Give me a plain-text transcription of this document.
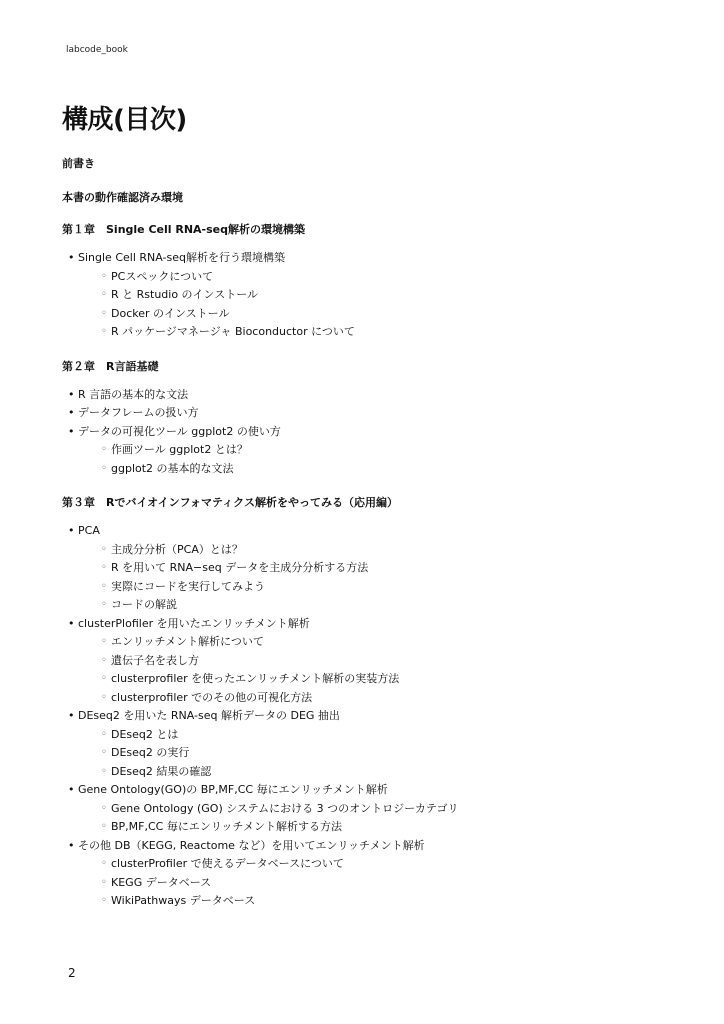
labcode_book
構成(目次)
前書き
本書の動作確認済み環境
第１章　Single Cell RNA-seq解析の環境構築
• Single Cell RNA-seq解析を行う環境構築
◦ PCスペックについて
◦ R と Rstudio のインストール
◦ Docker のインストール
◦ R パッケージマネージャ Bioconductor について
第２章　R言語基礎
• R 言語の基本的な文法
• データフレームの扱い方
• データの可視化ツール ggplot2 の使い方
◦ 作画ツール ggplot2 とは？
◦ ggplot2 の基本的な文法
第３章　Rでバイオインフォマティクス解析をやってみる（応用編）
• PCA
◦ 主成分分析（PCA）とは？
◦ R を用いて RNA−seq データを主成分分析する方法
◦ 実際にコードを実行してみよう
◦ コードの解説
• clusterPlofiler を用いたエンリッチメント解析
◦ エンリッチメント解析について
◦ 遺伝子名を表し方
◦ clusterprofiler を使ったエンリッチメント解析の実装方法
◦ clusterprofiler でのその他の可視化方法
• DEseq2 を用いた RNA-seq 解析データの DEG 抽出
◦ DEseq2 とは
◦ DEseq2 の実行
◦ DEseq2 結果の確認
• Gene Ontology(GO)の BP,MF,CC 毎にエンリッチメント解析
◦ Gene Ontology (GO) システムにおける 3 つのオントロジーカテゴリ
◦ BP,MF,CC 毎にエンリッチメント解析する方法
• その他 DB（KEGG, Reactome など）を用いてエンリッチメント解析
◦ clusterProfiler で使えるデータベースについて
◦ KEGG データベース
◦ WikiPathways データベース
2
